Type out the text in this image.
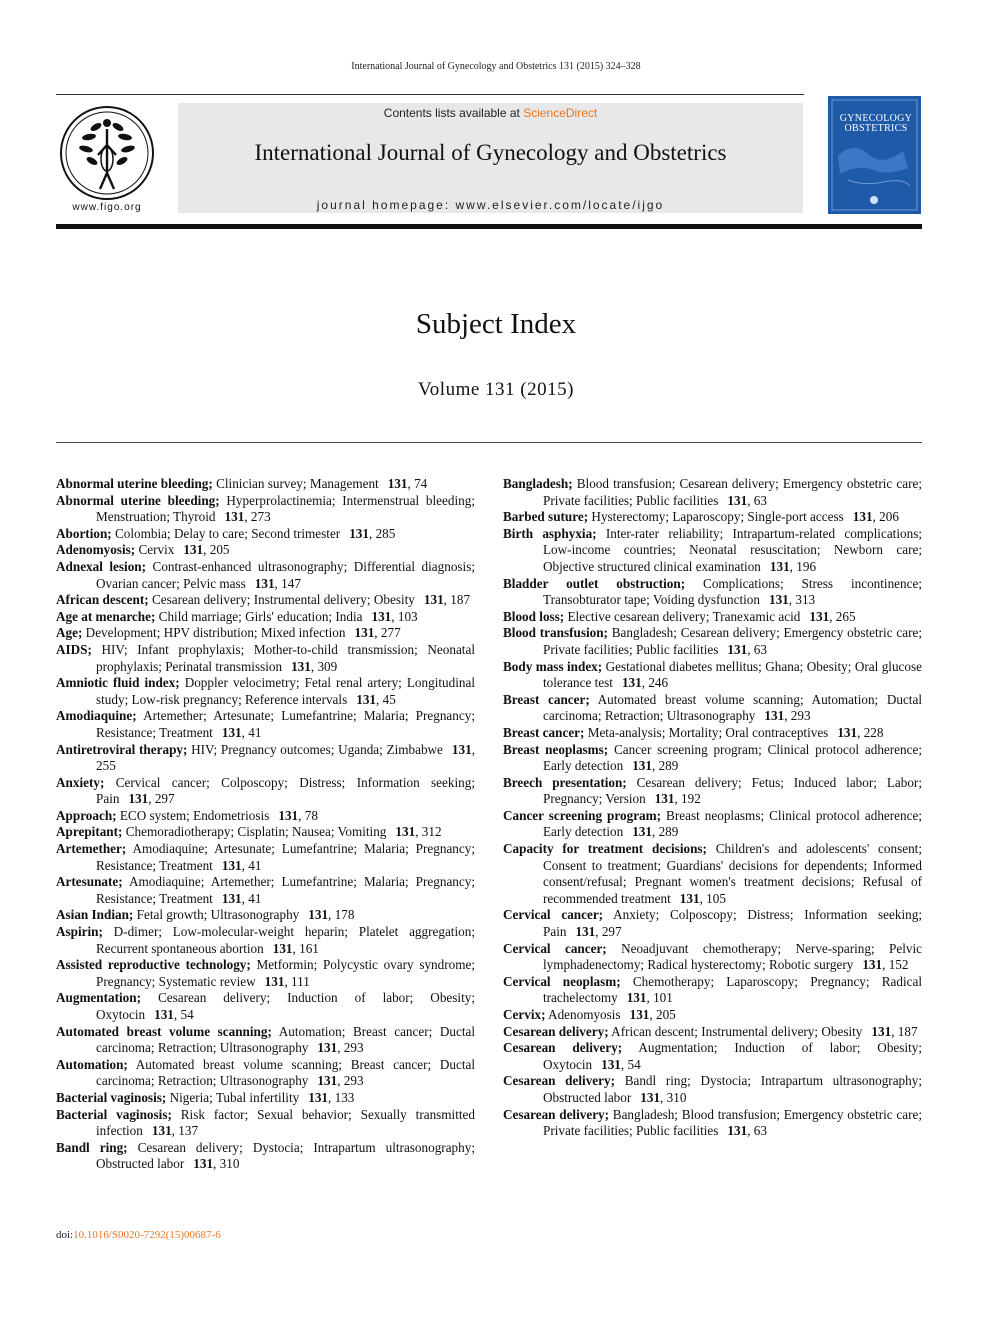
International Journal of Gynecology and Obstetrics 131 (2015) 324–328
www.figo.org
Contents lists available at ScienceDirect
International Journal of Gynecology and Obstetrics
journal homepage: www.elsevier.com/locate/ijgo
GYNECOLOGY OBSTETRICS
Subject Index
Volume 131 (2015)

Abnormal uterine bleeding; Clinician survey; Management 131, 74

Abnormal uterine bleeding; Hyperprolactinemia; Intermenstrual bleeding; Menstruation; Thyroid 131, 273

Abortion; Colombia; Delay to care; Second trimester 131, 285

Adenomyosis; Cervix 131, 205

Adnexal lesion; Contrast-enhanced ultrasonography; Differential diagnosis; Ovarian cancer; Pelvic mass 131, 147

African descent; Cesarean delivery; Instrumental delivery; Obesity 131, 187

Age at menarche; Child marriage; Girls' education; India 131, 103

Age; Development; HPV distribution; Mixed infection 131, 277

AIDS; HIV; Infant prophylaxis; Mother-to-child transmission; Neonatal prophylaxis; Perinatal transmission 131, 309

Amniotic fluid index; Doppler velocimetry; Fetal renal artery; Longitudinal study; Low-risk pregnancy; Reference intervals 131, 45

Amodiaquine; Artemether; Artesunate; Lumefantrine; Malaria; Pregnancy; Resistance; Treatment 131, 41

Antiretroviral therapy; HIV; Pregnancy outcomes; Uganda; Zimbabwe 131, 255

Anxiety; Cervical cancer; Colposcopy; Distress; Information seeking; Pain 131, 297

Approach; ECO system; Endometriosis 131, 78

Aprepitant; Chemoradiotherapy; Cisplatin; Nausea; Vomiting 131, 312

Artemether; Amodiaquine; Artesunate; Lumefantrine; Malaria; Pregnancy; Resistance; Treatment 131, 41

Artesunate; Amodiaquine; Artemether; Lumefantrine; Malaria; Pregnancy; Resistance; Treatment 131, 41

Asian Indian; Fetal growth; Ultrasonography 131, 178

Aspirin; D-dimer; Low-molecular-weight heparin; Platelet aggregation; Recurrent spontaneous abortion 131, 161

Assisted reproductive technology; Metformin; Polycystic ovary syndrome; Pregnancy; Systematic review 131, 111

Augmentation; Cesarean delivery; Induction of labor; Obesity; Oxytocin 131, 54

Automated breast volume scanning; Automation; Breast cancer; Ductal carcinoma; Retraction; Ultrasonography 131, 293

Automation; Automated breast volume scanning; Breast cancer; Ductal carcinoma; Retraction; Ultrasonography 131, 293

Bacterial vaginosis; Nigeria; Tubal infertility 131, 133

Bacterial vaginosis; Risk factor; Sexual behavior; Sexually transmitted infection 131, 137

Bandl ring; Cesarean delivery; Dystocia; Intrapartum ultrasonography; Obstructed labor 131, 310

Bangladesh; Blood transfusion; Cesarean delivery; Emergency obstetric care; Private facilities; Public facilities 131, 63

Barbed suture; Hysterectomy; Laparoscopy; Single-port access 131, 206

Birth asphyxia; Inter-rater reliability; Intrapartum-related complications; Low-income countries; Neonatal resuscitation; Newborn care; Objective structured clinical examination 131, 196

Bladder outlet obstruction; Complications; Stress incontinence; Transobturator tape; Voiding dysfunction 131, 313

Blood loss; Elective cesarean delivery; Tranexamic acid 131, 265

Blood transfusion; Bangladesh; Cesarean delivery; Emergency obstetric care; Private facilities; Public facilities 131, 63

Body mass index; Gestational diabetes mellitus; Ghana; Obesity; Oral glucose tolerance test 131, 246

Breast cancer; Automated breast volume scanning; Automation; Ductal carcinoma; Retraction; Ultrasonography 131, 293

Breast cancer; Meta-analysis; Mortality; Oral contraceptives 131, 228

Breast neoplasms; Cancer screening program; Clinical protocol adherence; Early detection 131, 289

Breech presentation; Cesarean delivery; Fetus; Induced labor; Labor; Pregnancy; Version 131, 192

Cancer screening program; Breast neoplasms; Clinical protocol adherence; Early detection 131, 289

Capacity for treatment decisions; Children's and adolescents' consent; Consent to treatment; Guardians' decisions for dependents; Informed consent/refusal; Pregnant women's treatment decisions; Refusal of recommended treatment 131, 105

Cervical cancer; Anxiety; Colposcopy; Distress; Information seeking; Pain 131, 297

Cervical cancer; Neoadjuvant chemotherapy; Nerve-sparing; Pelvic lymphadenectomy; Radical hysterectomy; Robotic surgery 131, 152

Cervical neoplasm; Chemotherapy; Laparoscopy; Pregnancy; Radical trachelectomy 131, 101

Cervix; Adenomyosis 131, 205

Cesarean delivery; African descent; Instrumental delivery; Obesity 131, 187

Cesarean delivery; Augmentation; Induction of labor; Obesity; Oxytocin 131, 54

Cesarean delivery; Bandl ring; Dystocia; Intrapartum ultrasonography; Obstructed labor 131, 310

Cesarean delivery; Bangladesh; Blood transfusion; Emergency obstetric care; Private facilities; Public facilities 131, 63

doi:10.1016/S0020-7292(15)00687-6
